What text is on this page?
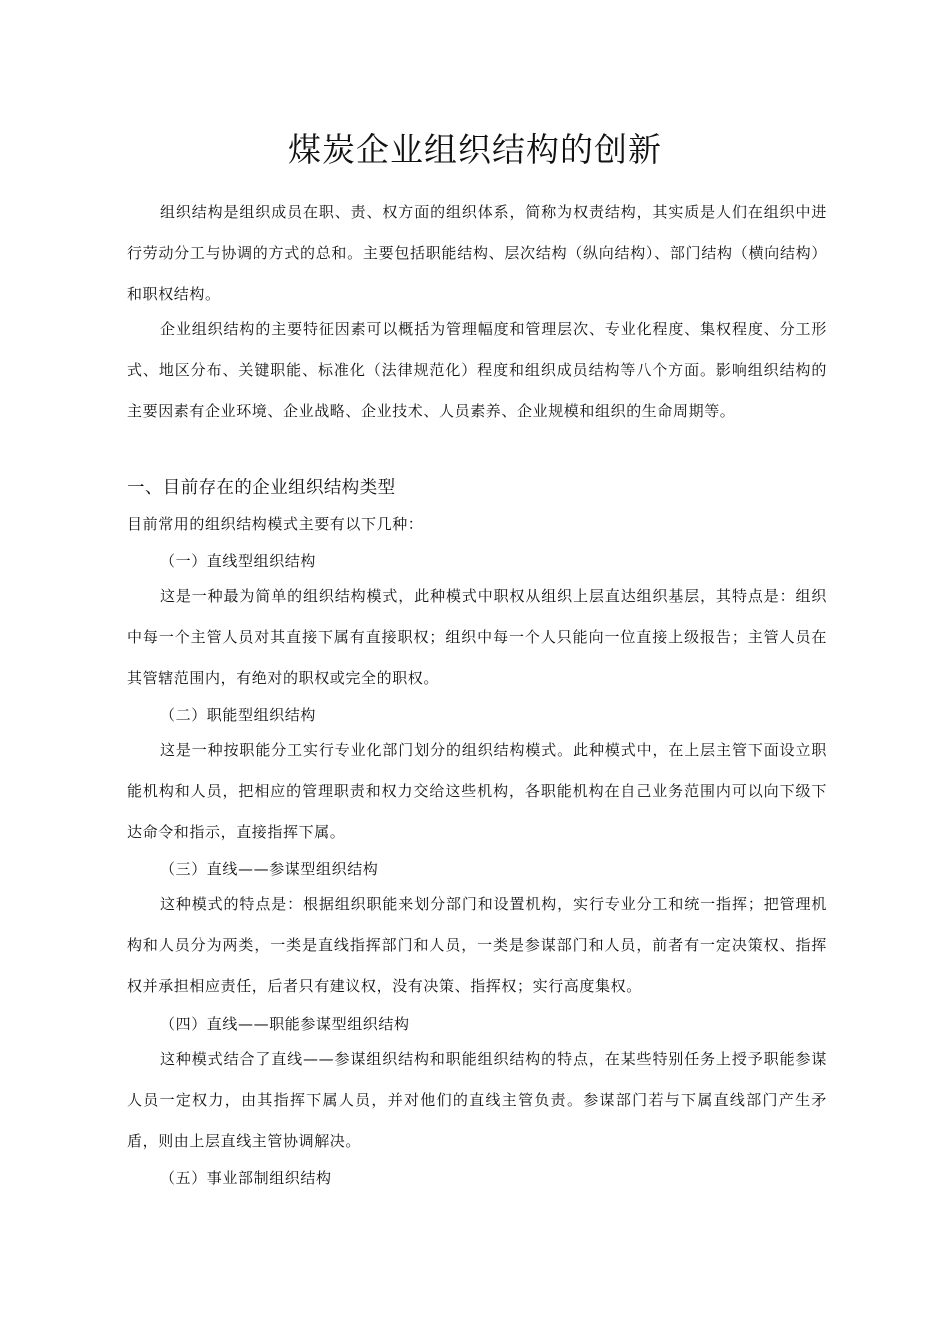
煤炭企业组织结构的创新

组织结构是组织成员在职、责、权方面的组织体系，简称为权责结构，其实质是人们在组织中进行劳动分工与协调的方式的总和。主要包括职能结构、层次结构（纵向结构）、部门结构（横向结构）和职权结构。

企业组织结构的主要特征因素可以概括为管理幅度和管理层次、专业化程度、集权程度、分工形式、地区分布、关键职能、标准化（法律规范化）程度和组织成员结构等八个方面。影响组织结构的主要因素有企业环境、企业战略、企业技术、人员素养、企业规模和组织的生命周期等。

一、目前存在的企业组织结构类型

目前常用的组织结构模式主要有以下几种：

（一）直线型组织结构

这是一种最为简单的组织结构模式，此种模式中职权从组织上层直达组织基层，其特点是：组织中每一个主管人员对其直接下属有直接职权；组织中每一个人只能向一位直接上级报告；主管人员在其管辖范围内，有绝对的职权或完全的职权。

（二）职能型组织结构

这是一种按职能分工实行专业化部门划分的组织结构模式。此种模式中，在上层主管下面设立职能机构和人员，把相应的管理职责和权力交给这些机构，各职能机构在自己业务范围内可以向下级下达命令和指示，直接指挥下属。

（三）直线——参谋型组织结构

这种模式的特点是：根据组织职能来划分部门和设置机构，实行专业分工和统一指挥；把管理机构和人员分为两类，一类是直线指挥部门和人员，一类是参谋部门和人员，前者有一定决策权、指挥权并承担相应责任，后者只有建议权，没有决策、指挥权；实行高度集权。

（四）直线——职能参谋型组织结构

这种模式结合了直线——参谋组织结构和职能组织结构的特点，在某些特别任务上授予职能参谋人员一定权力，由其指挥下属人员，并对他们的直线主管负责。参谋部门若与下属直线部门产生矛盾，则由上层直线主管协调解决。

（五）事业部制组织结构
